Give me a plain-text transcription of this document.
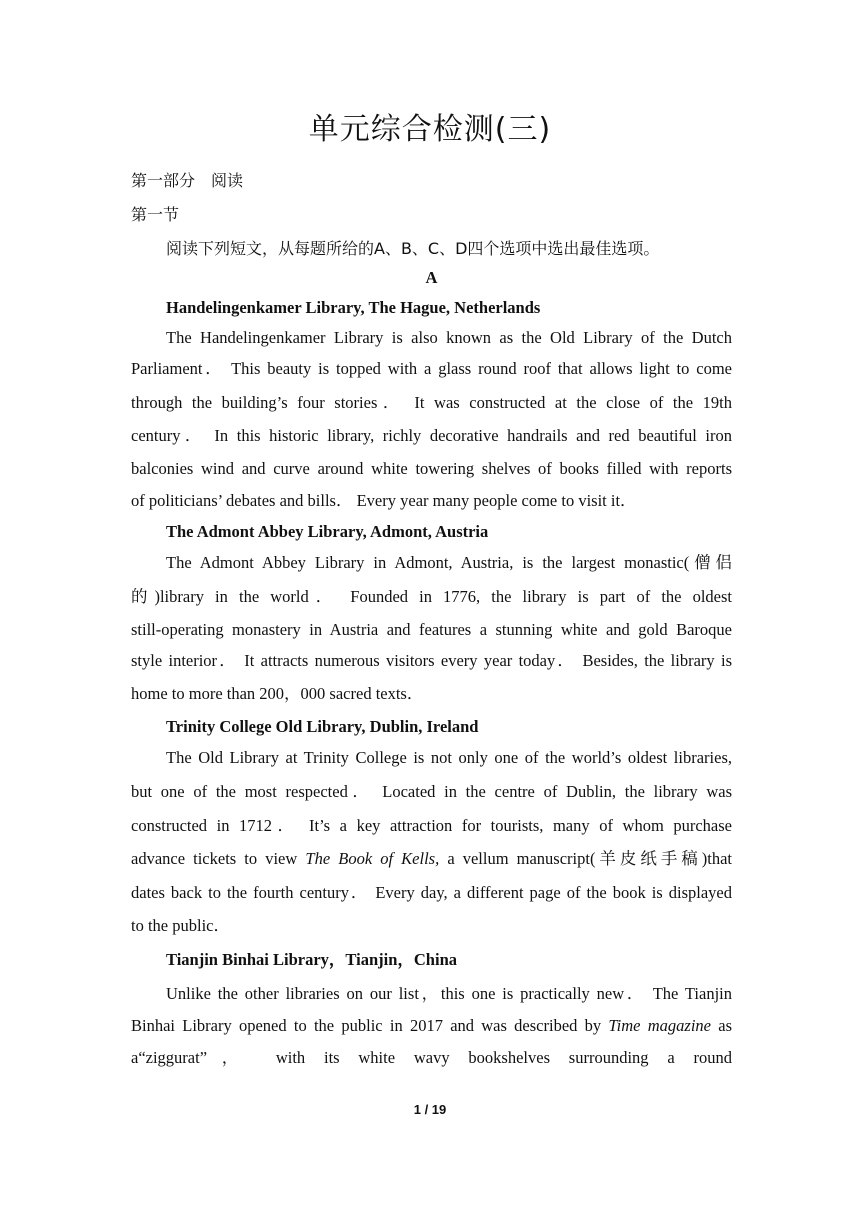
单元综合检测(三)
第一部分　阅读
第一节
阅读下列短文，从每题所给的A、B、C、D四个选项中选出最佳选项。
A
Handelingenkamer Library, The Hague, Netherlands
The Handelingenkamer Library is also known as the Old Library of the Dutch
Parliament． This beauty is topped with a glass round roof that allows light to come
through the building’s four stories． It was constructed at the close of the 19th
century． In this historic library, richly decorative handrails and red beautiful iron
balconies wind and curve around white towering shelves of books filled with reports
of politicians’ debates and bills． Every year many people come to visit it．
The Admont Abbey Library, Admont, Austria
The Admont Abbey Library in Admont, Austria, is the largest monastic(僧侣
的)library in the world． Founded in 1776, the library is part of the oldest
still-operating monastery in Austria and features a stunning white and gold Baroque
style interior． It attracts numerous visitors every year today． Besides, the library is
home to more than 200，000 sacred texts．
Trinity College Old Library, Dublin, Ireland
The Old Library at Trinity College is not only one of the world’s oldest libraries,
but one of the most respected． Located in the centre of Dublin, the library was
constructed in 1712． It’s a key attraction for tourists, many of whom purchase
advance tickets to view The Book of Kells, a vellum manuscript(羊皮纸手稿)that
dates back to the fourth century． Every day, a different page of the book is displayed
to the public．
Tianjin Binhai Library，Tianjin，China
Unlike the other libraries on our list，this one is practically new． The Tianjin
Binhai Library opened to the public in 2017 and was described by Time magazine as
a“ziggurat”，　with its white wavy bookshelves surrounding a round
1 / 19
